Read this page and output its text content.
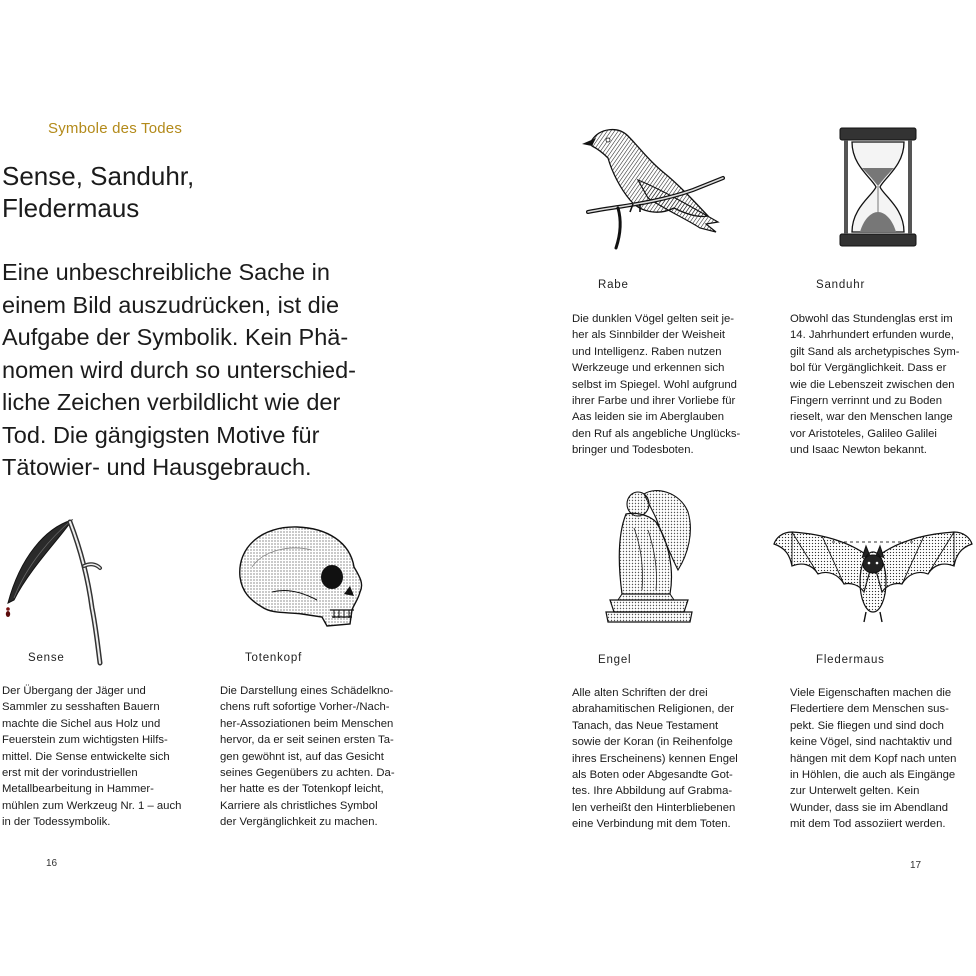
Symbole des Todes
Sense, Sanduhr,
Fledermaus
Eine unbeschreibliche Sache in
einem Bild auszudrücken, ist die
Aufgabe der Symbolik. Kein Phä-
nomen wird durch so unterschied-
liche Zeichen verbildlicht wie der
Tod. Die gängigsten Motive für
Tätowier- und Hausgebrauch.
Sense	Totenkopf
Der Übergang der Jäger und
Sammler zu sesshaften Bauern
machte die Sichel aus Holz und
Feuerstein zum wichtigsten Hilfs-
mittel. Die Sense entwickelte sich
erst mit der vorindustriellen
Metallbearbeitung in Hammer-
mühlen zum Werkzeug Nr. 1 – auch
in der Todessymbolik.
Die Darstellung eines Schädelkno-
chens ruft sofortige Vorher-/Nach-
her-Assoziationen beim Menschen
hervor, da er seit seinen ersten Ta-
gen gewöhnt ist, auf das Gesicht
seines Gegenübers zu achten. Da-
her hatte es der Totenkopf leicht,
Karriere als christliches Symbol
der Vergänglichkeit zu machen.
16
Rabe	Sanduhr
Die dunklen Vögel gelten seit je-
her als Sinnbilder der Weisheit
und Intelligenz. Raben nutzen
Werkzeuge und erkennen sich
selbst im Spiegel. Wohl aufgrund
ihrer Farbe und ihrer Vorliebe für
Aas leiden sie im Aberglauben
den Ruf als angebliche Unglücks-
bringer und Todesboten.
Obwohl das Stundenglas erst im
14. Jahrhundert erfunden wurde,
gilt Sand als archetypisches Sym-
bol für Vergänglichkeit. Dass er
wie die Lebenszeit zwischen den
Fingern verrinnt und zu Boden
rieselt, war den Menschen lange
vor Aristoteles, Galileo Galilei
und Isaac Newton bekannt.
Engel	Fledermaus
Alle alten Schriften der drei
abrahamitischen Religionen, der
Tanach, das Neue Testament
sowie der Koran (in Reihenfolge
ihres Erscheinens) kennen Engel
als Boten oder Abgesandte Got-
tes. Ihre Abbildung auf Grabma-
len verheißt den Hinterbliebenen
eine Verbindung mit dem Toten.
Viele Eigenschaften machen die
Fledertiere dem Menschen sus-
pekt. Sie fliegen und sind doch
keine Vögel, sind nachtaktiv und
hängen mit dem Kopf nach unten
in Höhlen, die auch als Eingänge
zur Unterwelt gelten. Kein
Wunder, dass sie im Abendland
mit dem Tod assoziiert werden.
17
